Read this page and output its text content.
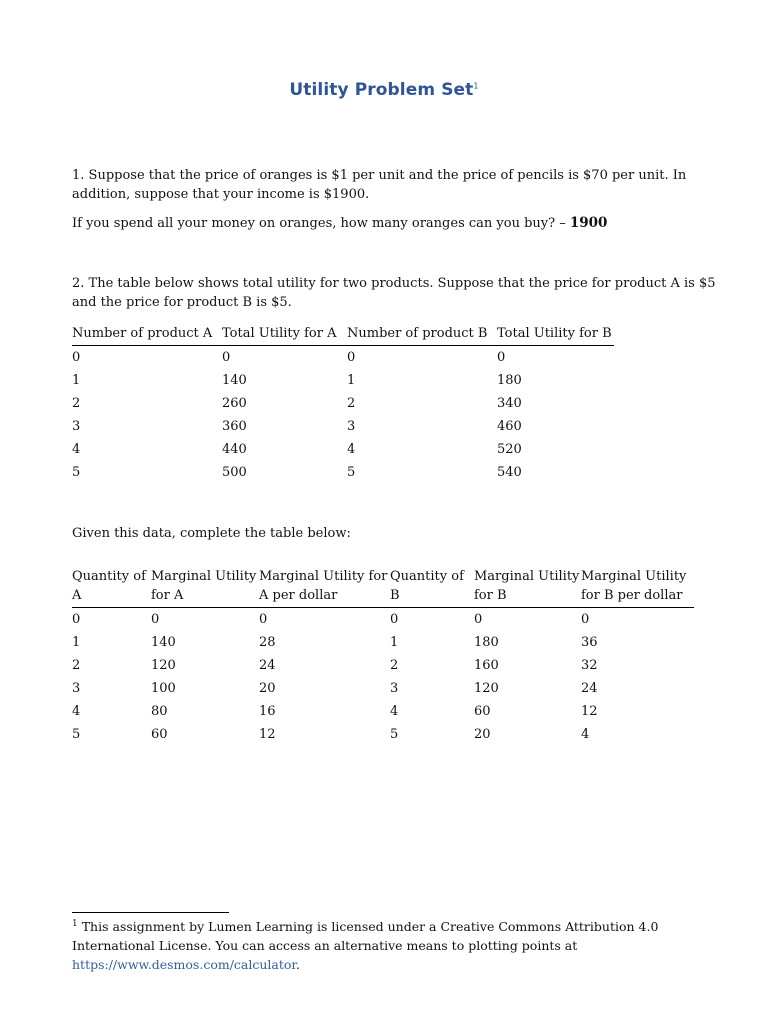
Utility Problem Set$^1$
1. Suppose that the price of oranges is $1 per unit and the price of pencils is $70 per unit. In
addition, suppose that your income is $1900.
If you spend all your money on oranges, how many oranges can you buy? – 1900
2. The table below shows total utility for two products. Suppose that the price for product A is $5
and the price for product B is $5.
Number of product A	Total Utility for A	Number of product B	Total Utility for B
0	0	0	0
1	140	1	180
2	260	2	340
3	360	3	460
4	440	4	520
5	500	5	540
Given this data, complete the table below:
Quantity of A	Marginal Utility for A	Marginal Utility for A per dollar	Quantity of B	Marginal Utility for B	Marginal Utility for B per dollar
0	0	0	0	0	0
1	140	28	1	180	36
2	120	24	2	160	32
3	100	20	3	120	24
4	80	16	4	60	12
5	60	12	5	20	4
$^1$ This assignment by Lumen Learning is licensed under a Creative Commons Attribution 4.0
International License. You can access an alternative means to plotting points at
https://www.desmos.com/calculator.
